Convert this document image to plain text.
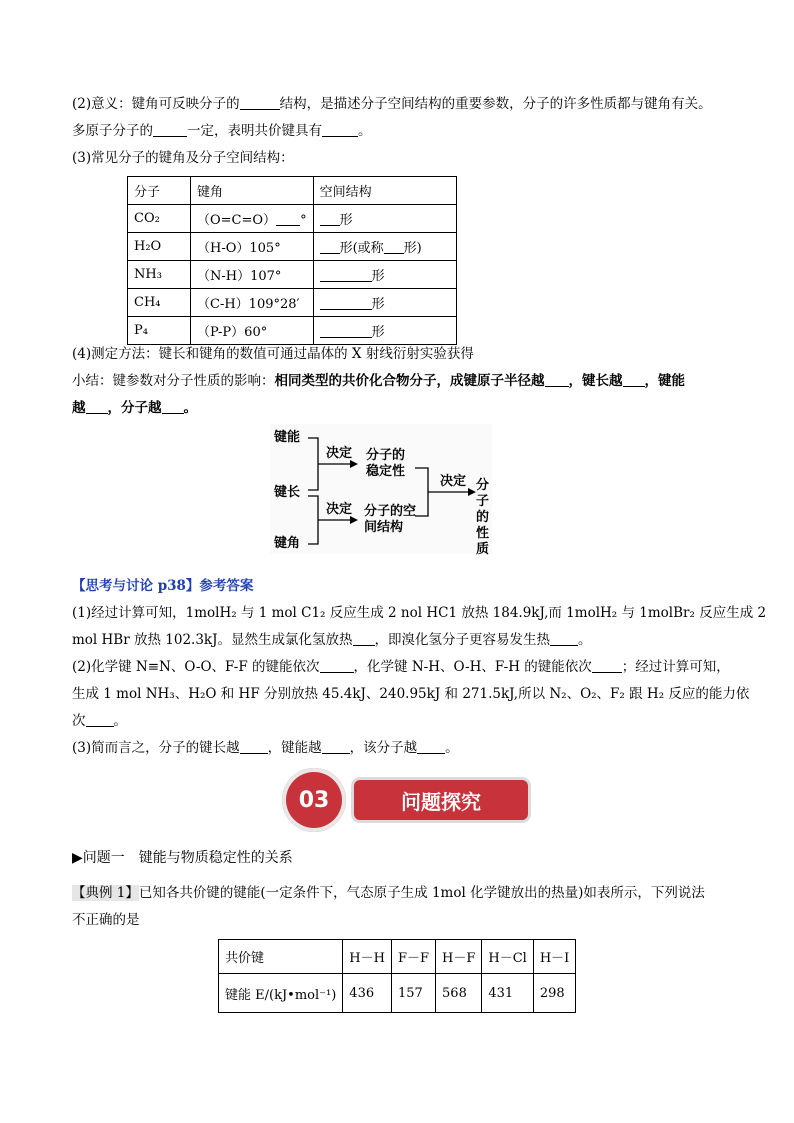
(2)意义：键角可反映分子的	结构，是描述分子空间结构的重要参数，分子的许多性质都与键角有关。
多原子分子的	一定，表明共价键具有	。
(3)常见分子的键角及分子空间结构：
分子	键角	空间结构
CO₂	（O=C=O） °	形
H₂O	（H-O）105°	形(或称 形)
NH₃	（N-H）107°	形
CH₄	（C-H）109°28′	形
P₄	（P-P）60°	形
(4)测定方法：键长和键角的数值可通过晶体的 X 射线衍射实验获得
小结：键参数对分子性质的影响：相同类型的共价化合物分子，成键原子半径越 ，键长越 ，键能
越 ，分子越 。
键能
键长
键角
决定
决定
分子的
稳定性
分子的空
间结构
决定 分子的
性质
【思考与讨论 p38】参考答案
(1)经过计算可知，1molH₂ 与 1 mol C1₂ 反应生成 2 nol HC1 放热 184.9kJ,而 1molH₂ 与 1molBr₂ 反应生成 2
mol HBr 放热 102.3kJ。显然生成氯化氢放热 ，即溴化氢分子更容易发生热 。
(2)化学键 N≡N、O-O、F-F 的键能依次	，化学键 N-H、O-H、F-H 的键能依次 ；经过计算可知，
生成 1 mol NH₃、H₂O 和 HF 分别放热 45.4kJ、240.95kJ 和 271.5kJ,所以 N₂、O₂、F₂ 跟 H₂ 反应的能力依
次 。
(3)简而言之，分子的键长越 ，键能越 ，该分子越 。
问题探究
03
▶问题一　键能与物质稳定性的关系
【典例 1】已知各共价键的键能(一定条件下，气态原子生成 1mol 化学键放出的热量)如表所示，下列说法
不正确的是
共价键	H－H	F－F	H－F	H－Cl	H－I
键能 E/(kJ•mol⁻¹)	436	157	568	431	298
